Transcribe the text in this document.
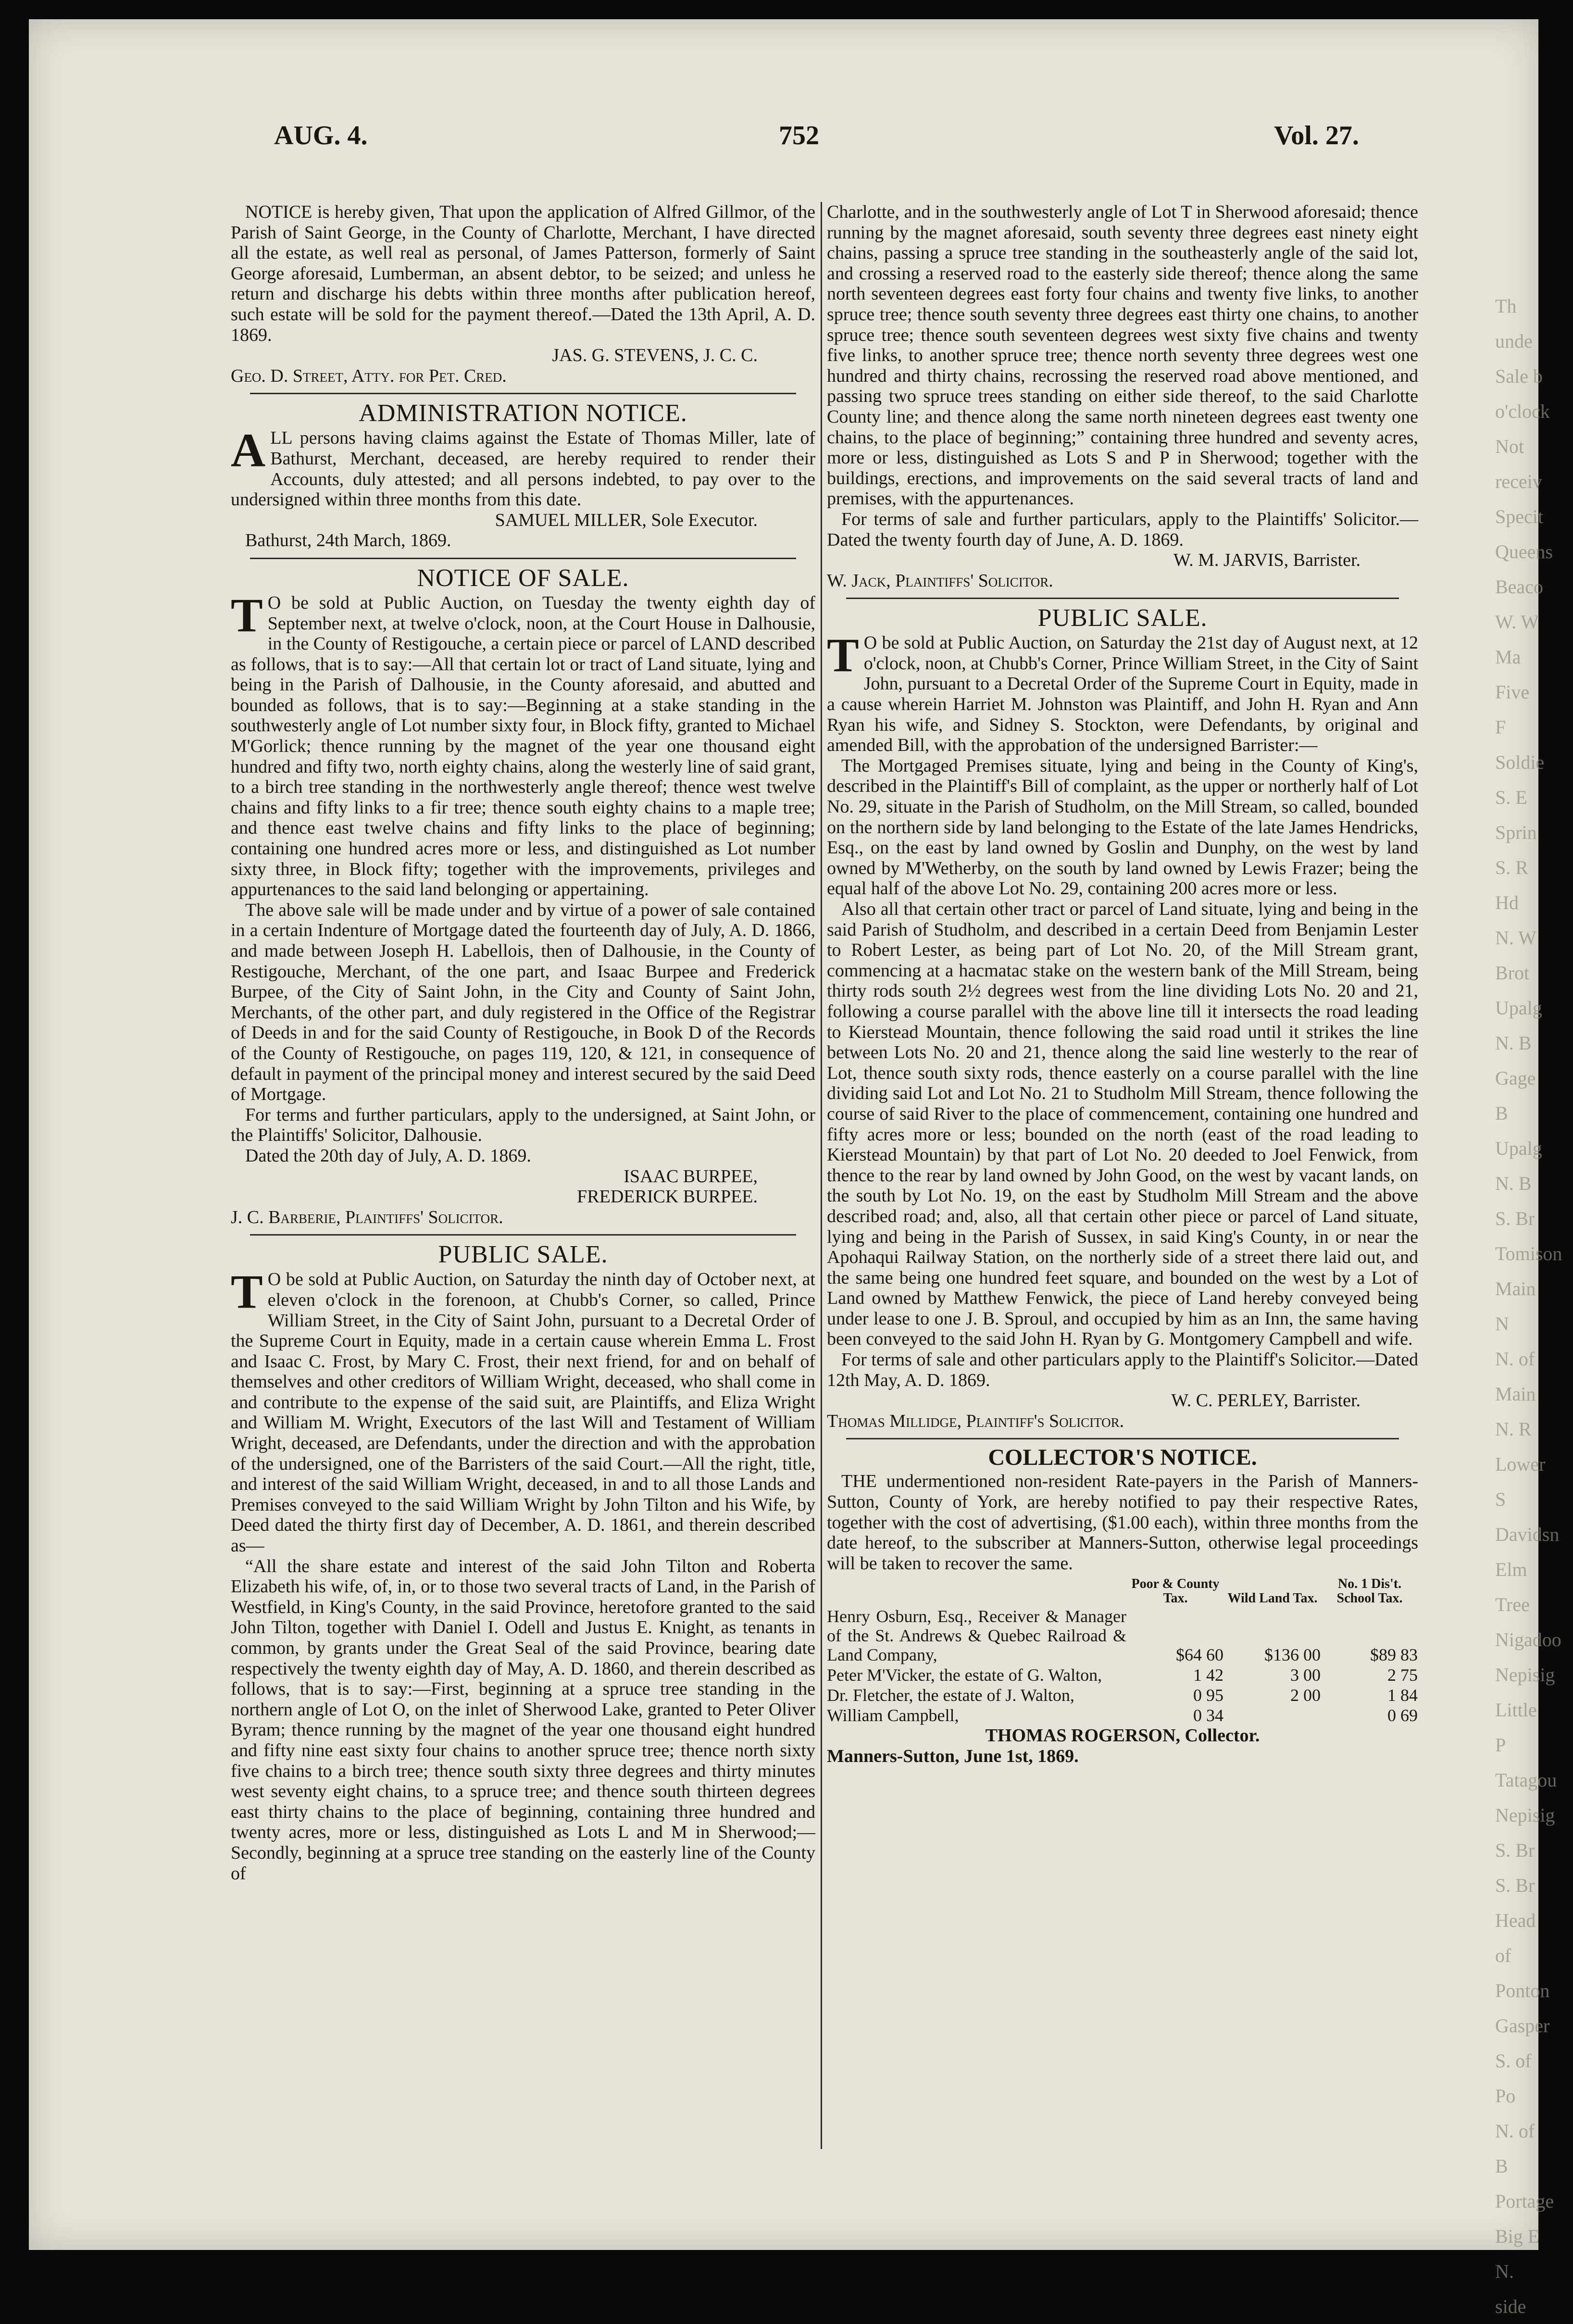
Th
unde
Sale b
o'clock
Not
receiv
Specit
Queens
Beaco
W. W
Ma
Five F
Soldie
S. E
Sprin
S. R
Hd
N. W
Brot
Upalg
N. B
Gage B
Upalg
N. B
S. Br
Tomison
Main N
N. of Main
N. R
Lower S
Davidsn
Elm Tree
Nigadoo
Nepisig
Little P
Tatagou
Nepisig
S. Br
S. Br
Head of
Ponton
Gasper
S. of Po
N. of B
Portage
Big E
N. side
AUG. 4.	752	Vol. 27.

NOTICE is hereby given, That upon the application of Alfred Gillmor, of the Parish of Saint George, in the County of Charlotte, Merchant, I have directed all the estate, as well real as personal, of James Patterson, formerly of Saint George aforesaid, Lumberman, an absent debtor, to be seized; and unless he return and discharge his debts within three months after publication hereof, such estate will be sold for the payment thereof.—Dated the 13th April, A. D. 1869.

JAS. G. STEVENS, J. C. C.

Geo. D. Street, Atty. for Pet. Cred.

ADMINISTRATION NOTICE.

ALL persons having claims against the Estate of Thomas Miller, late of Bathurst, Merchant, deceased, are hereby required to render their Accounts, duly attested; and all persons indebted, to pay over to the undersigned within three months from this date.

SAMUEL MILLER, Sole Executor.

Bathurst, 24th March, 1869.

NOTICE OF SALE.

T O be sold at Public Auction, on Tuesday the twenty eighth day of September next, at twelve o'clock, noon, at the Court House in Dalhousie, in the County of Restigouche, a certain piece or parcel of LAND described as follows, that is to say:—All that certain lot or tract of Land situate, lying and being in the Parish of Dalhousie, in the County aforesaid, and abutted and bounded as follows, that is to say:—Beginning at a stake standing in the southwesterly angle of Lot number sixty four, in Block fifty, granted to Michael M'Gorlick; thence running by the magnet of the year one thousand eight hundred and fifty two, north eighty chains, along the westerly line of said grant, to a birch tree standing in the northwesterly angle thereof; thence west twelve chains and fifty links to a fir tree; thence south eighty chains to a maple tree; and thence east twelve chains and fifty links to the place of beginning; containing one hundred acres more or less, and distinguished as Lot number sixty three, in Block fifty; together with the improvements, privileges and appurtenances to the said land belonging or appertaining.

The above sale will be made under and by virtue of a power of sale contained in a certain Indenture of Mortgage dated the fourteenth day of July, A. D. 1866, and made between Joseph H. Labellois, then of Dalhousie, in the County of Restigouche, Merchant, of the one part, and Isaac Burpee and Frederick Burpee, of the City of Saint John, in the City and County of Saint John, Merchants, of the other part, and duly registered in the Office of the Registrar of Deeds in and for the said County of Restigouche, in Book D of the Records of the County of Restigouche, on pages 119, 120, & 121, in consequence of default in payment of the principal money and interest secured by the said Deed of Mortgage.

For terms and further particulars, apply to the undersigned, at Saint John, or the Plaintiffs' Solicitor, Dalhousie.

Dated the 20th day of July, A. D. 1869.

ISAAC BURPEE,

FREDERICK BURPEE.

J. C. Barberie, Plaintiffs' Solicitor.

PUBLIC SALE.

T O be sold at Public Auction, on Saturday the ninth day of October next, at eleven o'clock in the forenoon, at Chubb's Corner, so called, Prince William Street, in the City of Saint John, pursuant to a Decretal Order of the Supreme Court in Equity, made in a certain cause wherein Emma L. Frost and Isaac C. Frost, by Mary C. Frost, their next friend, for and on behalf of themselves and other creditors of William Wright, deceased, who shall come in and contribute to the expense of the said suit, are Plaintiffs, and Eliza Wright and William M. Wright, Executors of the last Will and Testament of William Wright, deceased, are Defendants, under the direction and with the approbation of the undersigned, one of the Barristers of the said Court.—All the right, title, and interest of the said William Wright, deceased, in and to all those Lands and Premises conveyed to the said William Wright by John Tilton and his Wife, by Deed dated the thirty first day of December, A. D. 1861, and therein described as—

“All the share estate and interest of the said John Tilton and Roberta Elizabeth his wife, of, in, or to those two several tracts of Land, in the Parish of Westfield, in King's County, in the said Province, heretofore granted to the said John Tilton, together with Daniel I. Odell and Justus E. Knight, as tenants in common, by grants under the Great Seal of the said Province, bearing date respectively the twenty eighth day of May, A. D. 1860, and therein described as follows, that is to say:—First, beginning at a spruce tree standing in the northern angle of Lot O, on the inlet of Sherwood Lake, granted to Peter Oliver Byram; thence running by the magnet of the year one thousand eight hundred and fifty nine east sixty four chains to another spruce tree; thence north sixty five chains to a birch tree; thence south sixty three degrees and thirty minutes west seventy eight chains, to a spruce tree; and thence south thirteen degrees east thirty chains to the place of beginning, containing three hundred and twenty acres, more or less, distinguished as Lots L and M in Sherwood;—Secondly, beginning at a spruce tree standing on the easterly line of the County of

Charlotte, and in the southwesterly angle of Lot T in Sherwood aforesaid; thence running by the magnet aforesaid, south seventy three degrees east ninety eight chains, passing a spruce tree standing in the southeasterly angle of the said lot, and crossing a reserved road to the easterly side thereof; thence along the same north seventeen degrees east forty four chains and twenty five links, to another spruce tree; thence south seventy three degrees east thirty one chains, to another spruce tree; thence south seventeen degrees west sixty five chains and twenty five links, to another spruce tree; thence north seventy three degrees west one hundred and thirty chains, recrossing the reserved road above mentioned, and passing two spruce trees standing on either side thereof, to the said Charlotte County line; and thence along the same north nineteen degrees east twenty one chains, to the place of beginning;” containing three hundred and seventy acres, more or less, distinguished as Lots S and P in Sherwood; together with the buildings, erections, and improvements on the said several tracts of land and premises, with the appurtenances.

For terms of sale and further particulars, apply to the Plaintiffs' Solicitor.—Dated the twenty fourth day of June, A. D. 1869.

W. M. JARVIS, Barrister.

W. Jack, Plaintiffs' Solicitor.

PUBLIC SALE.

T O be sold at Public Auction, on Saturday the 21st day of August next, at 12 o'clock, noon, at Chubb's Corner, Prince William Street, in the City of Saint John, pursuant to a Decretal Order of the Supreme Court in Equity, made in a cause wherein Harriet M. Johnston was Plaintiff, and John H. Ryan and Ann Ryan his wife, and Sidney S. Stockton, were Defendants, by original and amended Bill, with the approbation of the undersigned Barrister:—

The Mortgaged Premises situate, lying and being in the County of King's, described in the Plaintiff's Bill of complaint, as the upper or northerly half of Lot No. 29, situate in the Parish of Studholm, on the Mill Stream, so called, bounded on the northern side by land belonging to the Estate of the late James Hendricks, Esq., on the east by land owned by Goslin and Dunphy, on the west by land owned by M'Wetherby, on the south by land owned by Lewis Frazer; being the equal half of the above Lot No. 29, containing 200 acres more or less.

Also all that certain other tract or parcel of Land situate, lying and being in the said Parish of Studholm, and described in a certain Deed from Benjamin Lester to Robert Lester, as being part of Lot No. 20, of the Mill Stream grant, commencing at a hacmatac stake on the western bank of the Mill Stream, being thirty rods south 2½ degrees west from the line dividing Lots No. 20 and 21, following a course parallel with the above line till it intersects the road leading to Kierstead Mountain, thence following the said road until it strikes the line between Lots No. 20 and 21, thence along the said line westerly to the rear of Lot, thence south sixty rods, thence easterly on a course parallel with the line dividing said Lot and Lot No. 21 to Studholm Mill Stream, thence following the course of said River to the place of commencement, containing one hundred and fifty acres more or less; bounded on the north (east of the road leading to Kierstead Mountain) by that part of Lot No. 20 deeded to Joel Fenwick, from thence to the rear by land owned by John Good, on the west by vacant lands, on the south by Lot No. 19, on the east by Studholm Mill Stream and the above described road; and, also, all that certain other piece or parcel of Land situate, lying and being in the Parish of Sussex, in said King's County, in or near the Apohaqui Railway Station, on the northerly side of a street there laid out, and the same being one hundred feet square, and bounded on the west by a Lot of Land owned by Matthew Fenwick, the piece of Land hereby conveyed being under lease to one J. B. Sproul, and occupied by him as an Inn, the same having been conveyed to the said John H. Ryan by G. Montgomery Campbell and wife.

For terms of sale and other particulars apply to the Plaintiff's Solicitor.—Dated 12th May, A. D. 1869.

W. C. PERLEY, Barrister.

Thomas Millidge, Plaintiff's Solicitor.

COLLECTOR'S NOTICE.

THE undermentioned non-resident Rate-payers in the Parish of Manners-Sutton, County of York, are hereby notified to pay their respective Rates, together with the cost of advertising, ($1.00 each), within three months from the date hereof, to the subscriber at Manners-Sutton, otherwise legal proceedings will be taken to recover the same.

	Poor & County Tax.	Wild Land Tax.	No. 1 Dis't. School Tax.
Henry Osburn, Esq., Receiver & Manager of the St. Andrews & Quebec Railroad & Land Company,	$64 60	$136 00	$89 83
Peter M'Vicker, the estate of G. Walton,	1 42	3 00	2 75
Dr. Fletcher, the estate of J. Walton,	0 95	2 00	1 84
William Campbell,	0 34		0 69

THOMAS ROGERSON, Collector.

Manners-Sutton, June 1st, 1869.
